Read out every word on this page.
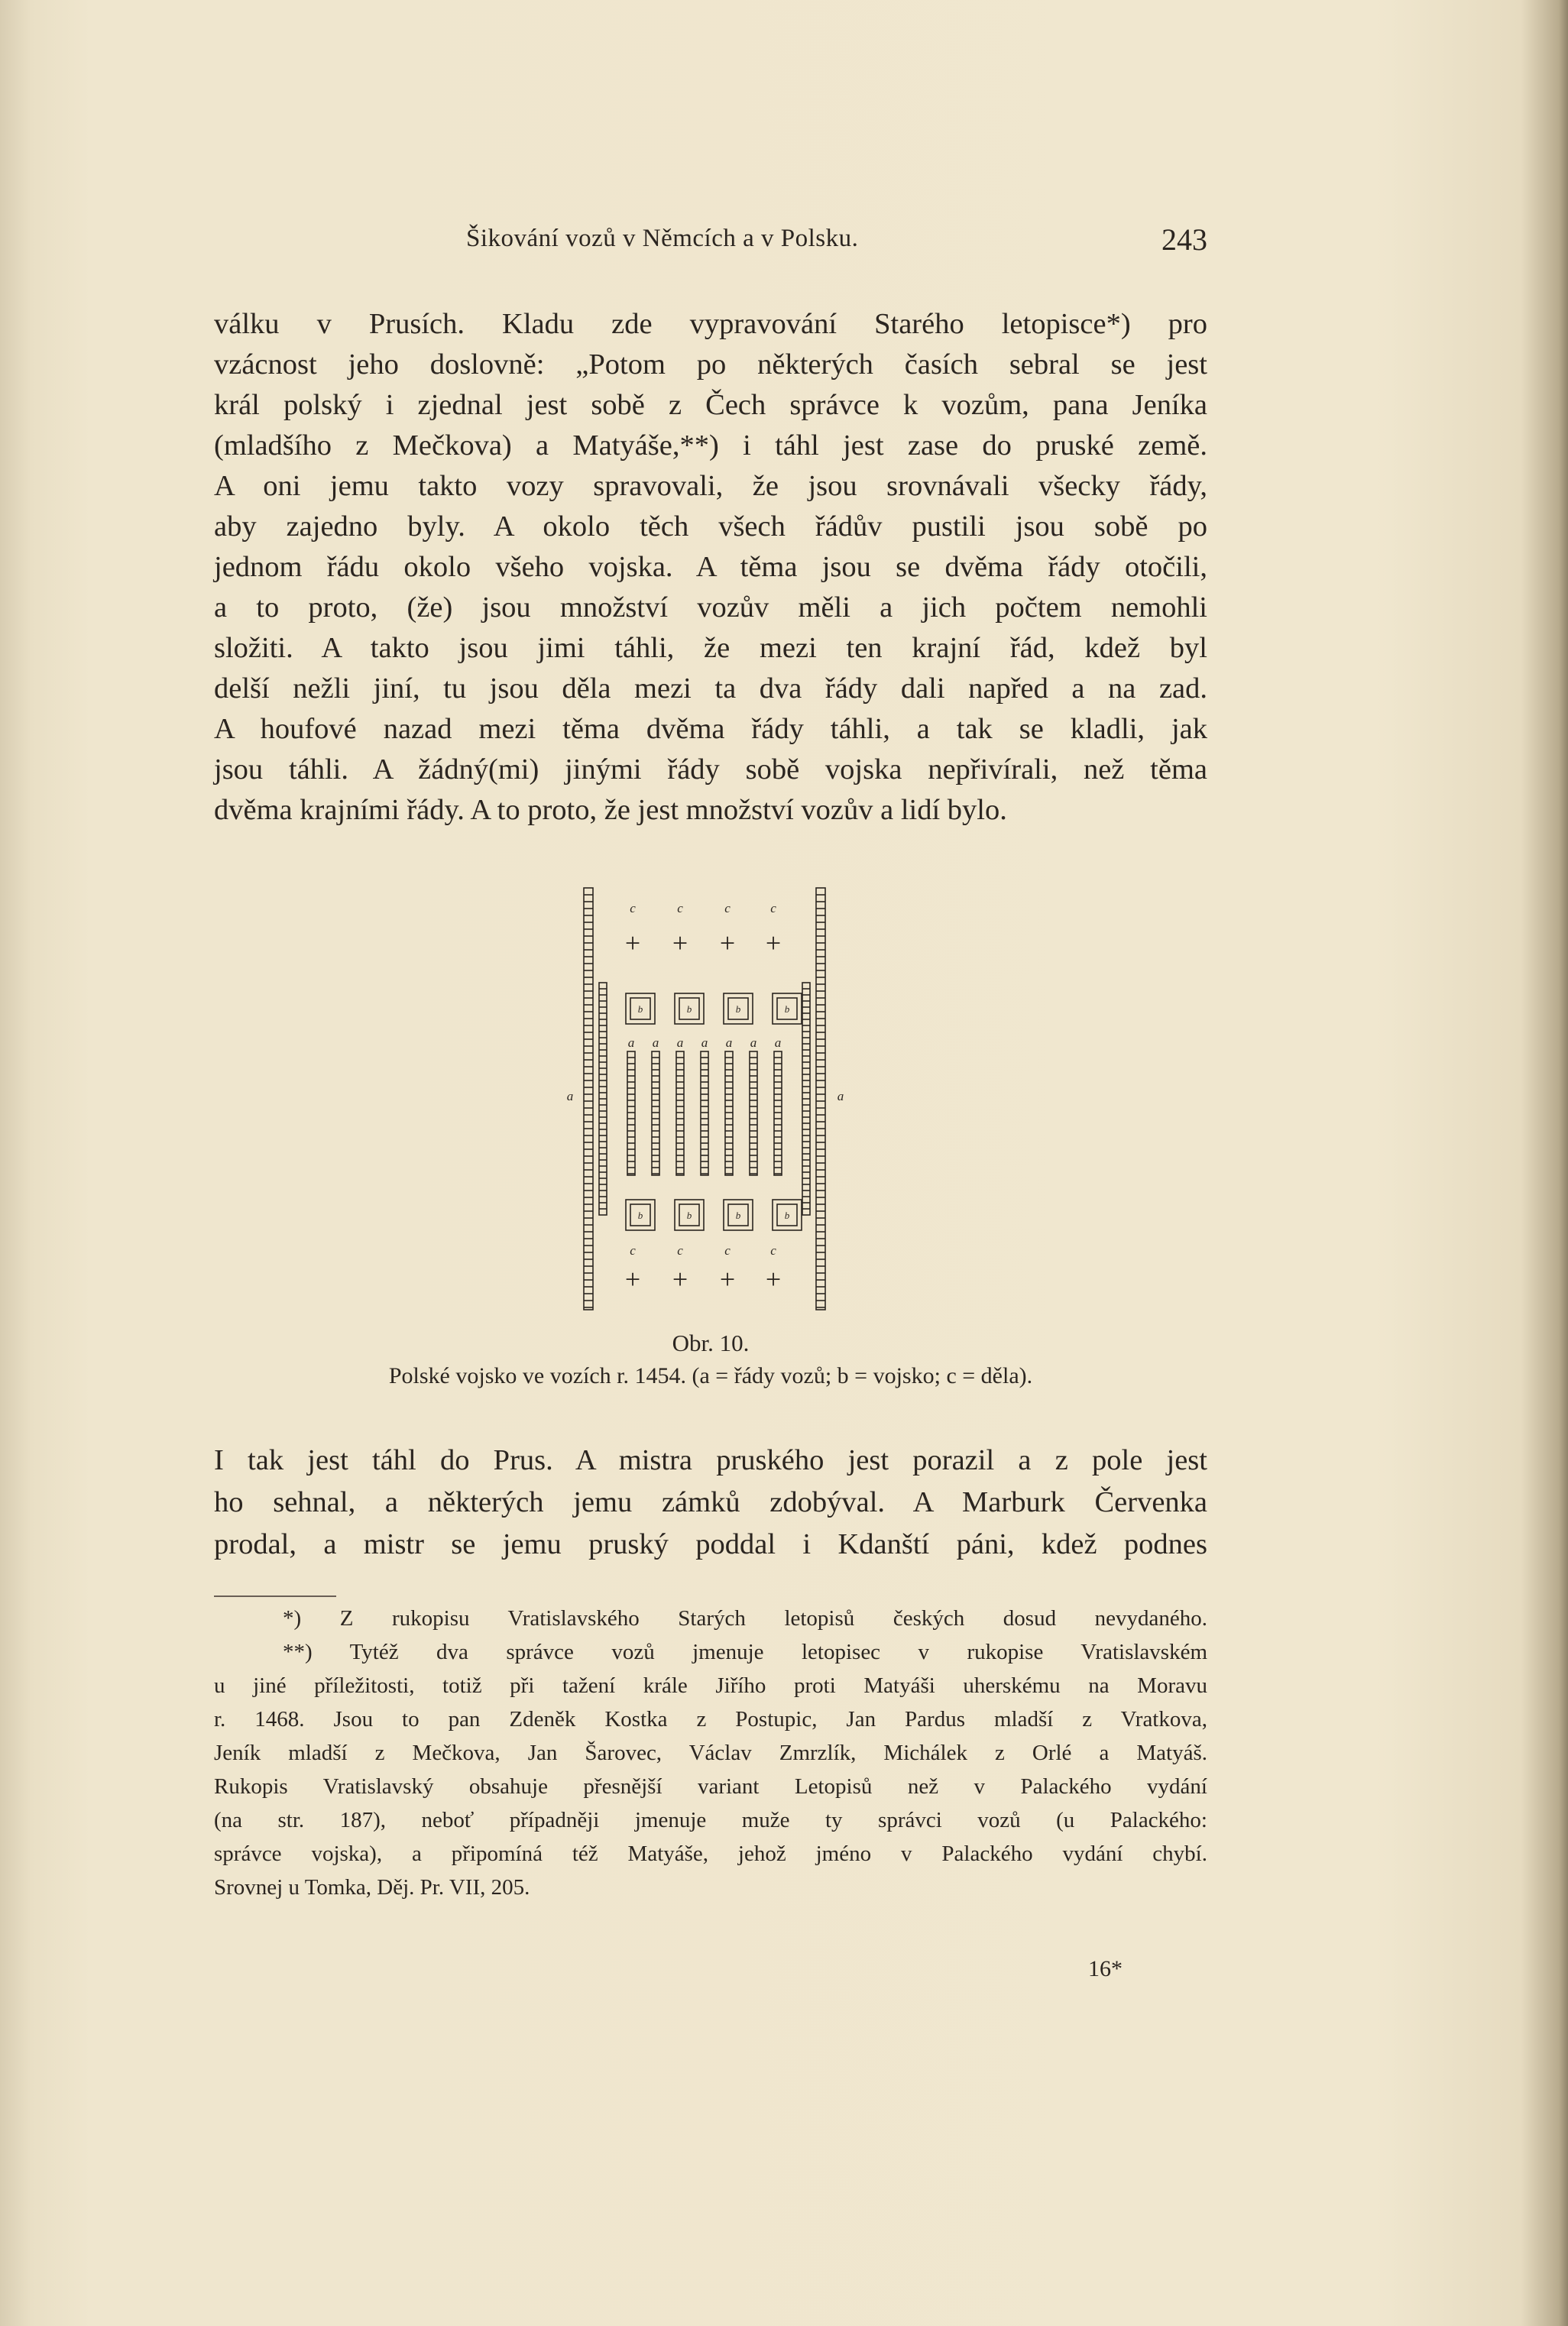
Šikování vozů v Němcích a v Polsku.	243

válku v Prusích. Kladu zde vypravování Starého letopisce*) pro

vzácnost jeho doslovně: „Potom po některých časích sebral se jest

král polský i zjednal jest sobě z Čech správce k vozům, pana Jeníka

(mladšího z Mečkova) a Matyáše,**) i táhl jest zase do pruské země.

A oni jemu takto vozy spravovali, že jsou srovnávali všecky řády,

aby zajedno byly. A okolo těch všech řádův pustili jsou sobě po

jednom řádu okolo všeho vojska. A těma jsou se dvěma řády otočili,

a to proto, (že) jsou množství vozův měli a jich počtem nemohli

složiti. A takto jsou jimi táhli, že mezi ten krajní řád, kdež byl

delší nežli jiní, tu jsou děla mezi ta dva řády dali napřed a na zad.

A houfové nazad mezi těma dvěma řády táhli, a tak se kladli, jak

jsou táhli. A žádný(mi) jinými řády sobě vojska nepřivírali, než těma

dvěma krajními řády. A to proto, že jest množství vozův a lidí bylo.

a a a a a a a
a	a
b	b	b	b
b	b	b	b
c
+
c
+
c
+
c
+
c
+
c
+
c
+
c
+
Obr. 10.
Polské vojsko ve vozích r. 1454. (a = řády vozů; b = vojsko; c = děla).

I tak jest táhl do Prus. A mistra pruského jest porazil a z pole jest

ho sehnal, a některých jemu zámků zdobýval. A Marburk Červenka

prodal, a mistr se jemu pruský poddal i Kdanští páni, kdež podnes

*) Z rukopisu Vratislavského Starých letopisů českých dosud nevydaného.

**) Tytéž dva správce vozů jmenuje letopisec v rukopise Vratislavském

u jiné příležitosti, totiž při tažení krále Jiřího proti Matyáši uherskému na Moravu

r. 1468. Jsou to pan Zdeněk Kostka z Postupic, Jan Pardus mladší z Vratkova,

Jeník mladší z Mečkova, Jan Šarovec, Václav Zmrzlík, Michálek z Orlé a Matyáš.

Rukopis Vratislavský obsahuje přesnější variant Letopisů než v Palackého vydání

(na str. 187), neboť případněji jmenuje muže ty správci vozů (u Palackého:

správce vojska), a připomíná též Matyáše, jehož jméno v Palackého vydání chybí.

Srovnej u Tomka, Děj. Pr. VII, 205.

16*
